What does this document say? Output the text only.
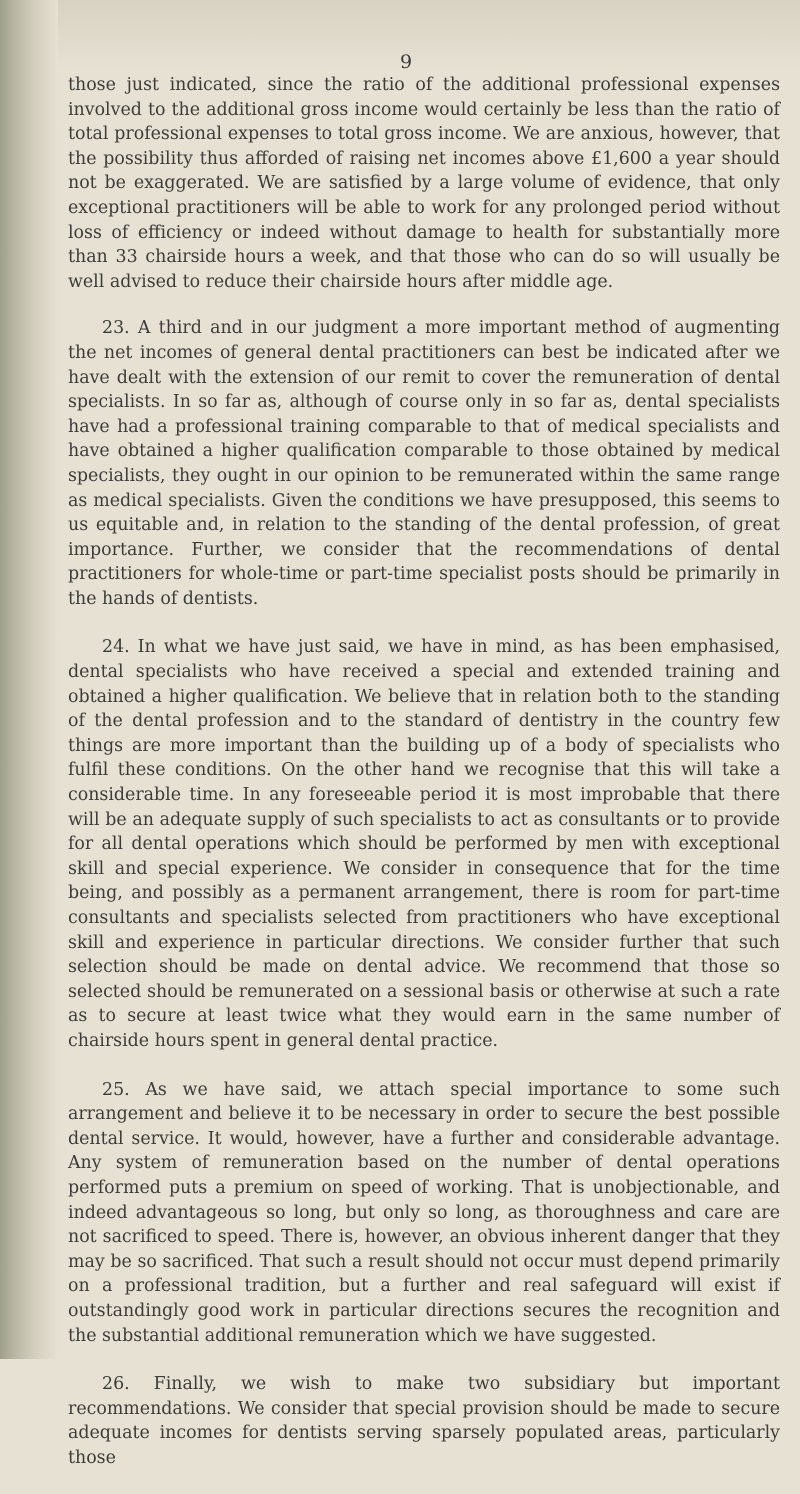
9

those just indicated, since the ratio of the additional professional expenses involved to the additional gross income would certainly be less than the ratio of total professional expenses to total gross income. We are anxious, however, that the possibility thus afforded of raising net incomes above £1,600 a year should not be exaggerated. We are satisfied by a large volume of evidence, that only exceptional practitioners will be able to work for any prolonged period without loss of efficiency or indeed without damage to health for substantially more than 33 chairside hours a week, and that those who can do so will usually be well advised to reduce their chairside hours after middle age.

23. A third and in our judgment a more important method of augmenting the net incomes of general dental practitioners can best be indicated after we have dealt with the extension of our remit to cover the remuneration of dental specialists. In so far as, although of course only in so far as, dental specialists have had a professional training comparable to that of medical specialists and have obtained a higher qualification comparable to those obtained by medical specialists, they ought in our opinion to be remunerated within the same range as medical specialists. Given the conditions we have presupposed, this seems to us equitable and, in relation to the standing of the dental profession, of great importance. Further, we consider that the recommendations of dental practitioners for whole-time or part-time specialist posts should be primarily in the hands of dentists.

24. In what we have just said, we have in mind, as has been emphasised, dental specialists who have received a special and extended training and obtained a higher qualification. We believe that in relation both to the standing of the dental profession and to the standard of dentistry in the country few things are more important than the building up of a body of specialists who fulfil these conditions. On the other hand we recognise that this will take a considerable time. In any foreseeable period it is most improbable that there will be an adequate supply of such specialists to act as consultants or to provide for all dental operations which should be performed by men with exceptional skill and special experience. We consider in consequence that for the time being, and possibly as a permanent arrangement, there is room for part-time consultants and specialists selected from practitioners who have exceptional skill and experience in particular directions. We consider further that such selection should be made on dental advice. We recommend that those so selected should be remunerated on a sessional basis or otherwise at such a rate as to secure at least twice what they would earn in the same number of chairside hours spent in general dental practice.

25. As we have said, we attach special importance to some such arrangement and believe it to be necessary in order to secure the best possible dental service. It would, however, have a further and considerable advantage. Any system of remuneration based on the number of dental operations performed puts a premium on speed of working. That is unobjectionable, and indeed advantageous so long, but only so long, as thoroughness and care are not sacrificed to speed. There is, however, an obvious inherent danger that they may be so sacrificed. That such a result should not occur must depend primarily on a professional tradition, but a further and real safeguard will exist if outstandingly good work in particular directions secures the recognition and the substantial additional remuneration which we have suggested.

26. Finally, we wish to make two subsidiary but important recommendations. We consider that special provision should be made to secure adequate incomes for dentists serving sparsely populated areas, particularly those
